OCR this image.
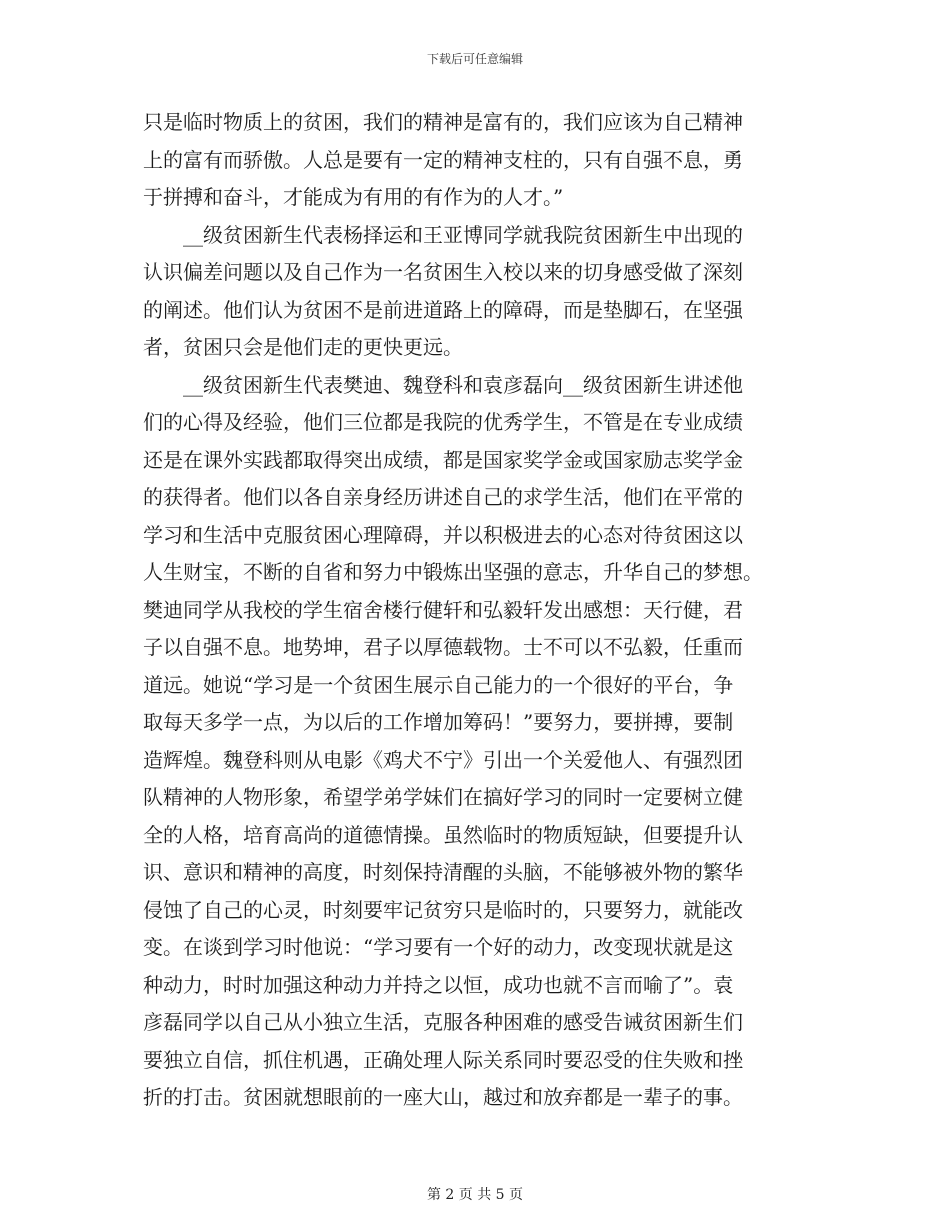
下载后可任意编辑
只是临时物质上的贫困，我们的精神是富有的，我们应该为自己精神
上的富有而骄傲。人总是要有一定的精神支柱的，只有自强不息，勇
于拼搏和奋斗，才能成为有用的有作为的人才。”
　　__级贫困新生代表杨择运和王亚博同学就我院贫困新生中出现的
认识偏差问题以及自己作为一名贫困生入校以来的切身感受做了深刻
的阐述。他们认为贫困不是前进道路上的障碍，而是垫脚石，在坚强
者，贫困只会是他们走的更快更远。
　　__级贫困新生代表樊迪、魏登科和袁彦磊向__级贫困新生讲述他
们的心得及经验，他们三位都是我院的优秀学生，不管是在专业成绩
还是在课外实践都取得突出成绩，都是国家奖学金或国家励志奖学金
的获得者。他们以各自亲身经历讲述自己的求学生活，他们在平常的
学习和生活中克服贫困心理障碍，并以积极进去的心态对待贫困这以
人生财宝，不断的自省和努力中锻炼出坚强的意志，升华自己的梦想。
樊迪同学从我校的学生宿舍楼行健轩和弘毅轩发出感想：天行健，君
子以自强不息。地势坤，君子以厚德载物。士不可以不弘毅，任重而
道远。她说“学习是一个贫困生展示自己能力的一个很好的平台，争
取每天多学一点，为以后的工作增加筹码！”要努力，要拼搏，要制
造辉煌。魏登科则从电影《鸡犬不宁》引出一个关爱他人、有强烈团
队精神的人物形象，希望学弟学妹们在搞好学习的同时一定要树立健
全的人格，培育高尚的道德情操。虽然临时的物质短缺，但要提升认
识、意识和精神的高度，时刻保持清醒的头脑，不能够被外物的繁华
侵蚀了自己的心灵，时刻要牢记贫穷只是临时的，只要努力，就能改
变。在谈到学习时他说：“学习要有一个好的动力，改变现状就是这
种动力，时时加强这种动力并持之以恒，成功也就不言而喻了”。袁
彦磊同学以自己从小独立生活，克服各种困难的感受告诫贫困新生们
要独立自信，抓住机遇，正确处理人际关系同时要忍受的住失败和挫
折的打击。贫困就想眼前的一座大山，越过和放弃都是一辈子的事。
第 2 页 共 5 页
